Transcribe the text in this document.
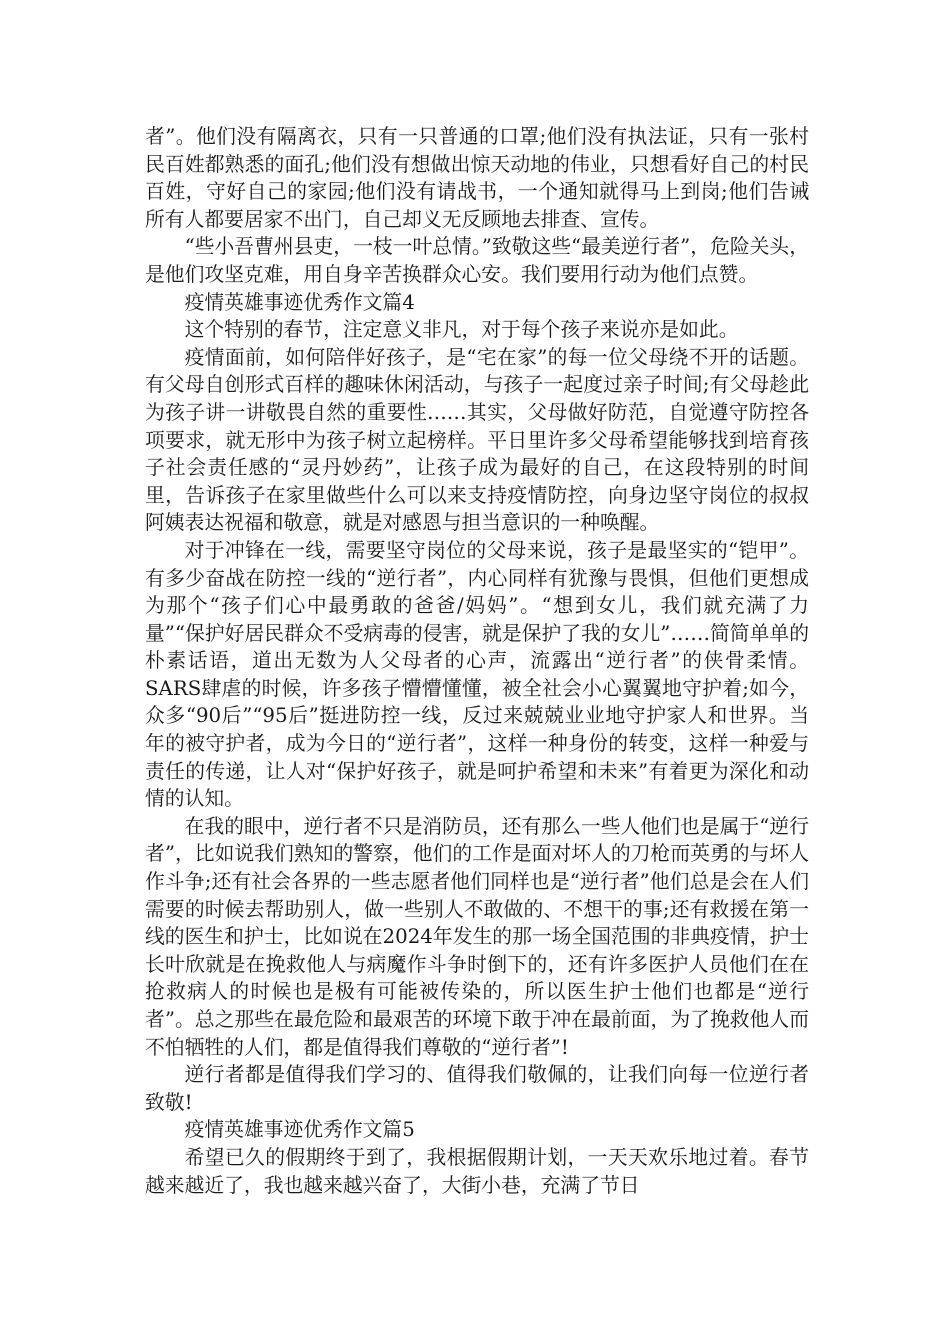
者”。他们没有隔离衣，只有一只普通的口罩;他们没有执法证，只有一张村民百姓都熟悉的面孔;他们没有想做出惊天动地的伟业，只想看好自己的村民百姓，守好自己的家园;他们没有请战书，一个通知就得马上到岗;他们告诫所有人都要居家不出门，自己却义无反顾地去排查、宣传。

“些小吾曹州县吏，一枝一叶总情。”致敬这些“最美逆行者”，危险关头，是他们攻坚克难，用自身辛苦换群众心安。我们要用行动为他们点赞。

疫情英雄事迹优秀作文篇4

这个特别的春节，注定意义非凡，对于每个孩子来说亦是如此。

疫情面前，如何陪伴好孩子，是“宅在家”的每一位父母绕不开的话题。有父母自创形式百样的趣味休闲活动，与孩子一起度过亲子时间;有父母趁此为孩子讲一讲敬畏自然的重要性……其实，父母做好防范，自觉遵守防控各项要求，就无形中为孩子树立起榜样。平日里许多父母希望能够找到培育孩子社会责任感的“灵丹妙药”，让孩子成为最好的自己，在这段特别的时间里，告诉孩子在家里做些什么可以来支持疫情防控，向身边坚守岗位的叔叔阿姨表达祝福和敬意，就是对感恩与担当意识的一种唤醒。

对于冲锋在一线，需要坚守岗位的父母来说，孩子是最坚实的“铠甲”。有多少奋战在防控一线的“逆行者”，内心同样有犹豫与畏惧，但他们更想成为那个“孩子们心中最勇敢的爸爸/妈妈”。“想到女儿，我们就充满了力量”“保护好居民群众不受病毒的侵害，就是保护了我的女儿”……简简单单的朴素话语，道出无数为人父母者的心声，流露出“逆行者”的侠骨柔情。SARS肆虐的时候，许多孩子懵懵懂懂，被全社会小心翼翼地守护着;如今，众多“90后”“95后”挺进防控一线，反过来兢兢业业地守护家人和世界。当年的被守护者，成为今日的“逆行者”，这样一种身份的转变，这样一种爱与责任的传递，让人对“保护好孩子，就是呵护希望和未来”有着更为深化和动情的认知。

在我的眼中，逆行者不只是消防员，还有那么一些人他们也是属于“逆行者”，比如说我们熟知的警察，他们的工作是面对坏人的刀枪而英勇的与坏人作斗争;还有社会各界的一些志愿者他们同样也是“逆行者”他们总是会在人们需要的时候去帮助别人，做一些别人不敢做的、不想干的事;还有救援在第一线的医生和护士，比如说在2024年发生的那一场全国范围的非典疫情，护士长叶欣就是在挽救他人与病魔作斗争时倒下的，还有许多医护人员他们在在抢救病人的时候也是极有可能被传染的，所以医生护士他们也都是“逆行者”。总之那些在最危险和最艰苦的环境下敢于冲在最前面，为了挽救他人而不怕牺牲的人们，都是值得我们尊敬的“逆行者”!

逆行者都是值得我们学习的、值得我们敬佩的，让我们向每一位逆行者致敬!

疫情英雄事迹优秀作文篇5

希望已久的假期终于到了，我根据假期计划，一天天欢乐地过着。春节越来越近了，我也越来越兴奋了，大街小巷，充满了节日
